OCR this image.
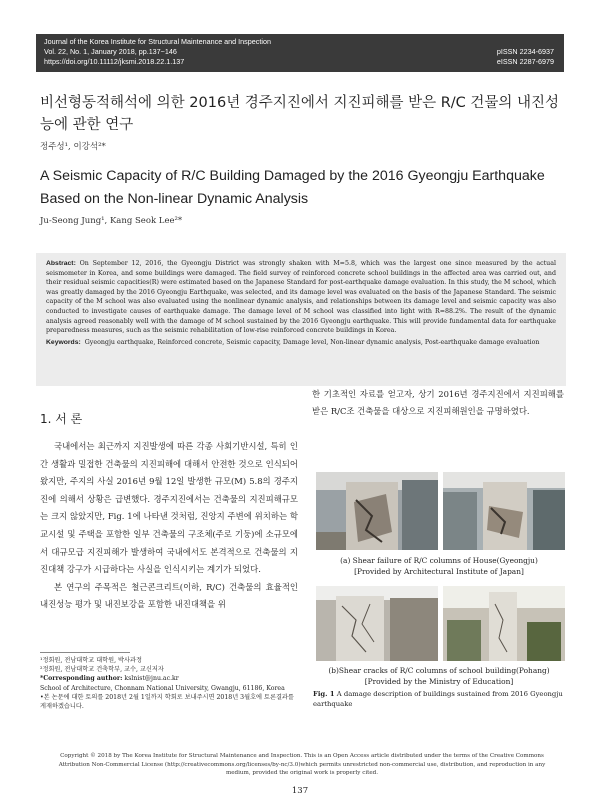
Journal of the Korea Institute for Structural Maintenance and Inspection
Vol. 22, No. 1, January 2018, pp.137~146
https://doi.org/10.11112/jksmi.2018.22.1.137
pISSN 2234-6937
eISSN 2287-6979
비선형동적해석에 의한 2016년 경주지진에서 지진피해를 받은 R/C 건물의 내진성능에 관한 연구
정주성¹, 이강석²*
A Seismic Capacity of R/C Building Damaged by the 2016 Gyeongju Earthquake Based on the Non-linear Dynamic Analysis
Ju-Seong Jung¹, Kang Seok Lee²*
Abstract: On September 12, 2016, the Gyeongju District was strongly shaken with M=5.8, which was the largest one since measured by the actual seismometer in Korea, and some buildings were damaged. The field survey of reinforced concrete school buildings in the affected area was carried out, and their residual seismic capacities(R) were estimated based on the Japanese Standard for post-earthquake damage evaluation. In this study, the M school, which was greatly damaged by the 2016 Gyeongju Earthquake, was selected, and its damage level was evaluated on the basis of the Japanese Standard. The seismic capacity of the M school was also evaluated using the nonlinear dynamic analysis, and relationships between its damage level and seismic capacity was also conducted to investigate causes of earthquake damage. The damage level of M school was classified into light with R=88.2%. The result of the dynamic analysis agreed reasonably well with the damage of M school sustained by the 2016 Gyeongju earthquake. This will provide fundamental data for earthquake preparedness measures, such as the seismic rehabilitation of low-rise reinforced concrete buildings in Korea.
Keywords: Gyeongju earthquake, Reinforced concrete, Seismic capacity, Damage level, Non-linear dynamic analysis, Post-earthquake damage evaluation
1. 서 론

국내에서는 최근까지 지진발생에 따른 각종 사회기반시설, 특히 인간 생활과 밀접한 건축물의 지진피해에 대해서 안전한 것으로 인식되어 왔지만, 주지의 사실 2016년 9월 12일 발생한 규모(M) 5.8의 경주지진에 의해서 상황은 급변했다. 경주지진에서는 건축물의 지진피해규모는 크지 않았지만, Fig. 1에 나타낸 것처럼, 진앙지 주변에 위치하는 학교시설 및 주택을 포함한 일부 건축물의 구조체(주로 기둥)에 소규모에서 대규모급 지진피해가 발생하여 국내에서도 본격적으로 건축물의 지진대책 강구가 시급하다는 사실을 인식시키는 계기가 되었다.

본 연구의 주목적은 철근콘크리트(이하, R/C) 건축물의 효율적인 내진성능 평가 및 내진보강을 포함한 내진대책을 위

¹정회원, 전남대학교 대학원, 박사과정
²정회원, 전남대학교 건축학부, 교수, 교신저자
*Corresponding author: kslnist@jnu.ac.kr
School of Architecture, Chonnam National University, Gwangju, 61186, Korea
•본 논문에 대한 토의를 2018년 2월 1일까지 학회로 보내주시면 2018년 3월호에 토론결과를 게재하겠습니다.
한 기초적인 자료를 얻고자, 상기 2016년 경주지진에서 지진피해를 받은 R/C조 건축물을 대상으로 지진피해원인을 규명하였다.
(a) Shear failure of R/C columns of House(Gyeongju)
[Provided by Architectural Institute of Japan]
(b)Shear cracks of R/C columns of school building(Pohang)
[Provided by the Ministry of Education]
Fig. 1 A damage description of buildings sustained from 2016 Gyeongju earthquake
Copyright © 2018 by The Korea Institute for Structural Maintenance and Inspection. This is an Open Access article distributed under the terms of the Creative Commons Attribution Non-Commercial License (http://creativecommons.org/licenses/by-nc/3.0)which permits unrestricted non-commercial use, distribution, and reproduction in any medium, provided the original work is properly cited.
137
